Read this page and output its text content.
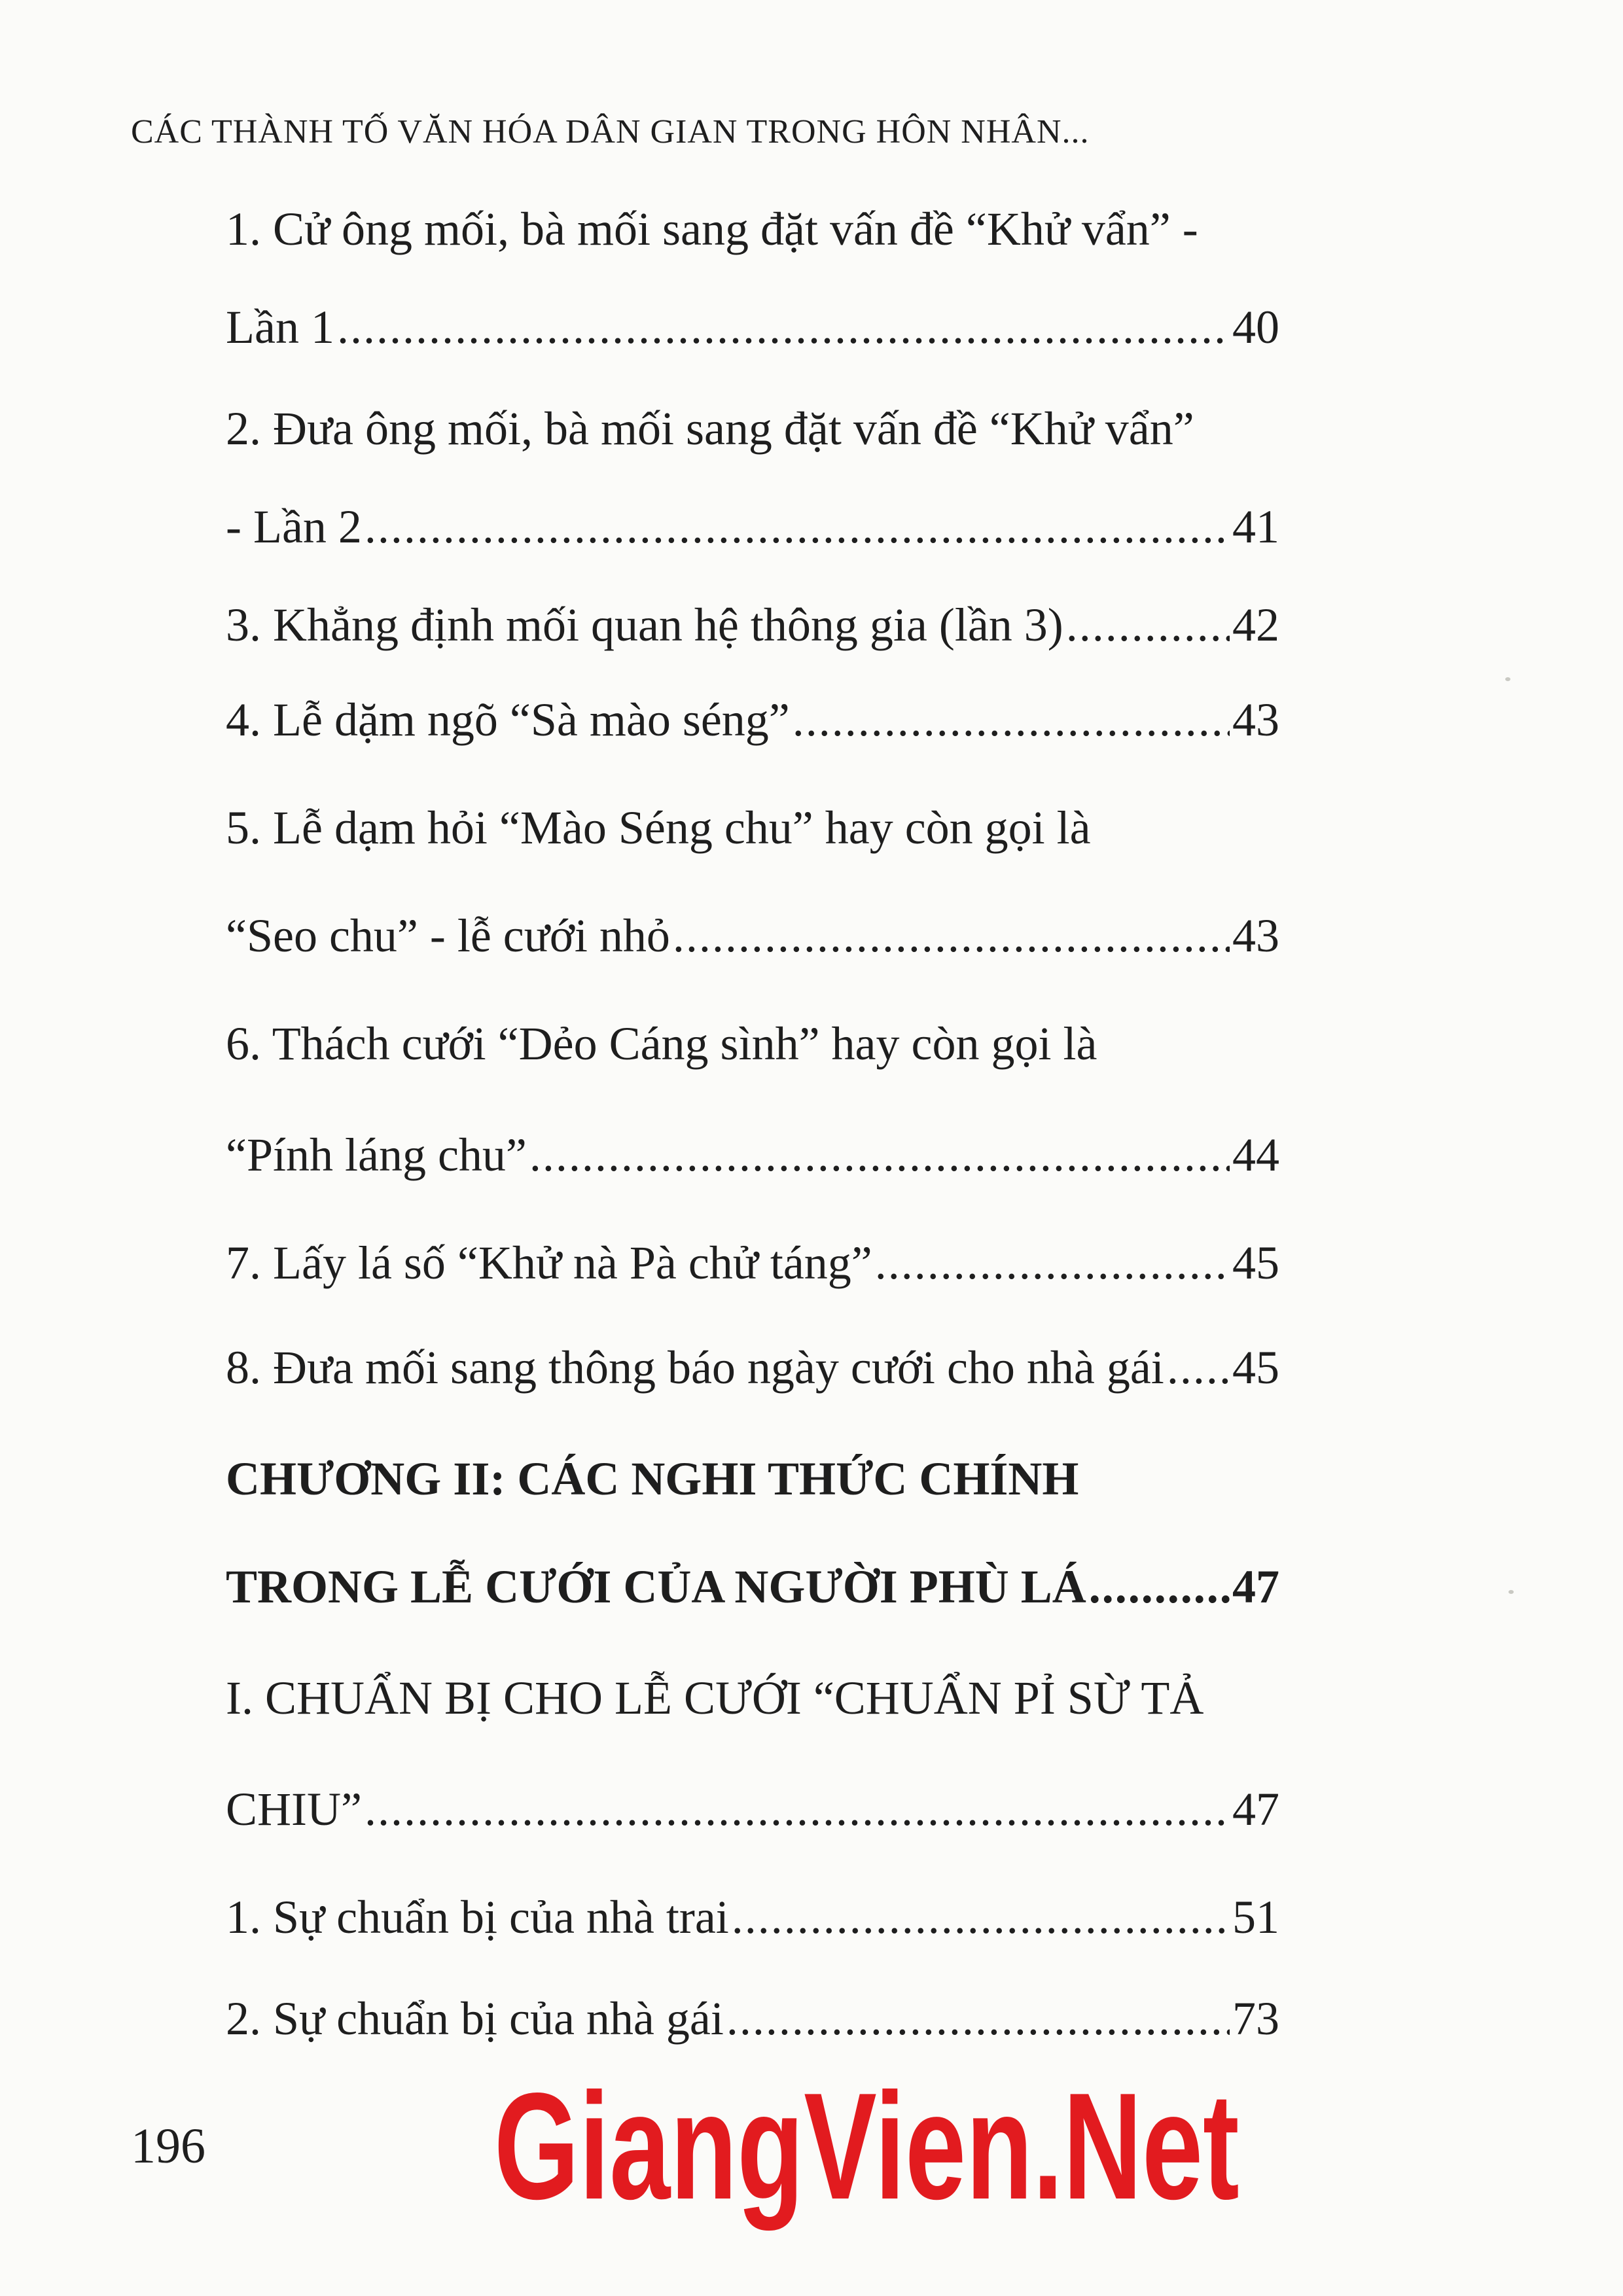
CÁC THÀNH TỐ VĂN HÓA DÂN GIAN TRONG HÔN NHÂN...
1. Cử ông mối, bà mối sang đặt vấn đề “Khử vẩn” -
Lần 1 .....	40
2. Đưa ông mối, bà mối sang đặt vấn đề “Khử vẩn”
- Lần 2 .....	41
3. Khẳng định mối quan hệ thông gia (lần 3) .....	42
4. Lễ dặm ngõ “Sà mào séng” .....	43
5. Lễ dạm hỏi “Mào Séng chu” hay còn gọi là
“Seo chu” - lễ cưới nhỏ .....	43
6. Thách cưới “Dẻo Cáng sình” hay còn gọi là
“Pính láng chu” .....	44
7. Lấy lá số “Khử nà Pà chử táng” .....	45
8. Đưa mối sang thông báo ngày cưới cho nhà gái ..... 45
CHƯƠNG II: CÁC NGHI THỨC CHÍNH
TRONG LỄ CƯỚI CỦA NGƯỜI PHÙ LÁ .....	47
I. CHUẨN BỊ CHO LỄ CƯỚI “CHUẨN PỈ SỪ TẢ
CHIU” .....	47
1. Sự chuẩn bị của nhà trai .....	51
2. Sự chuẩn bị của nhà gái .....	73
196 GiangVien.Net
